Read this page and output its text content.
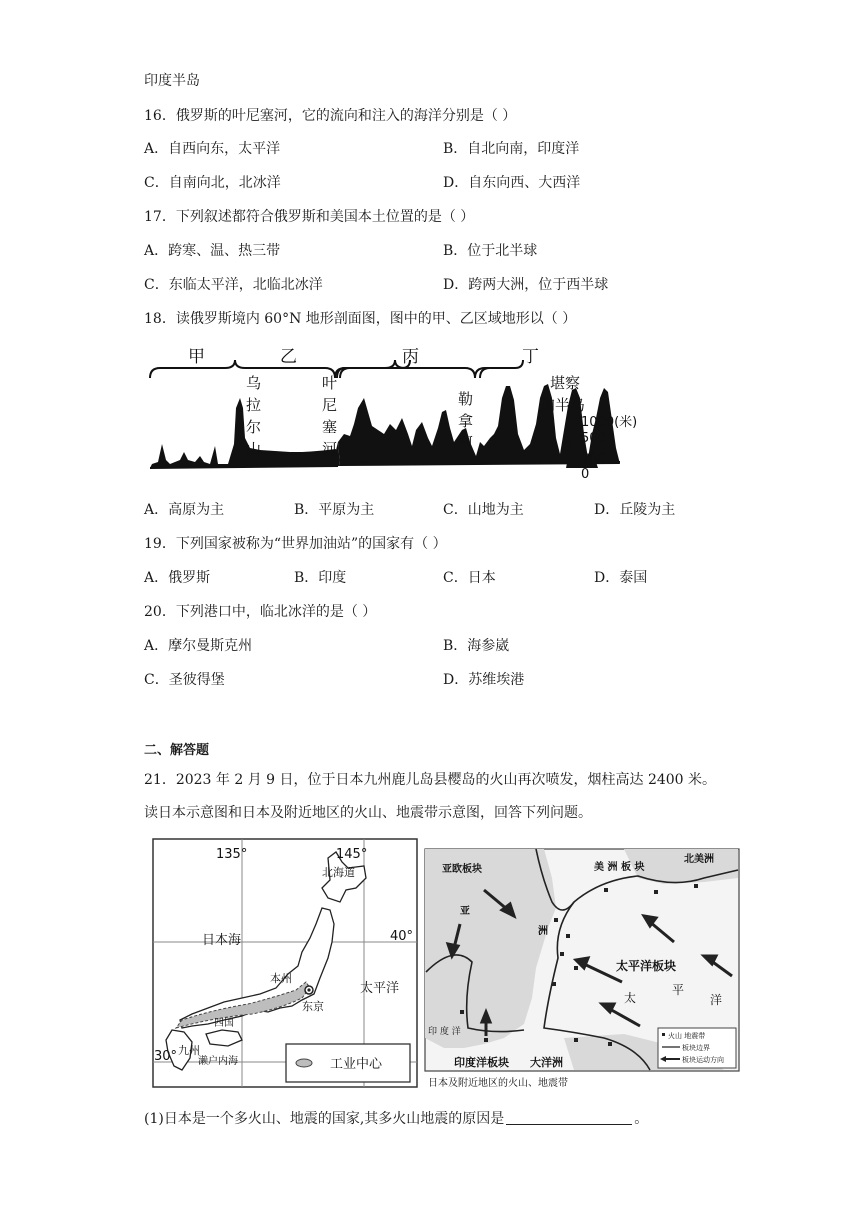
印度半岛
16．俄罗斯的叶尼塞河，它的流向和注入的海洋分别是（ ）
A．自西向东，太平洋	B．自北向南，印度洋
C．自南向北，北冰洋	D．自东向西、大西洋
17．下列叙述都符合俄罗斯和美国本土位置的是（ ）
A．跨寒、温、热三带	B．位于北半球
C．东临太平洋，北临北冰洋	D．跨两大洲，位于西半球
18．读俄罗斯境内 60°N 地形剖面图，图中的甲、乙区域地形以（ ）
甲	乙	丙	丁
乌
拉
尔
山
叶
尼
塞
河
勒
拿
河
堪察
加半岛
1000(米)
500
200
0
A．高原为主	B．平原为主	C．山地为主	D．丘陵为主
19．下列国家被称为“世界加油站”的国家有（ ）
A．俄罗斯	B．印度	C．日本	D．泰国
20．下列港口中，临北冰洋的是（ ）
A．摩尔曼斯克州	B．海参崴
C．圣彼得堡	D．苏维埃港
二、解答题
21．2023 年 2 月 9 日，位于日本九州鹿儿岛县樱岛的火山再次喷发，烟柱高达 2400 米。
读日本示意图和日本及附近地区的火山、地震带示意图，回答下列问题。
135°	145°
40°
30°
北海道
日本海
太平洋
本州
东京
四国
九州
濑户内海	工业中心
亚欧板块
北美洲
美 洲 板 块
亚
洲
太平洋板块
太
平
洋
印 度 洋
印度洋板块 大洋洲
火山 地震带
板块边界
板块运动方向
日本及附近地区的火山、地震带
(1)日本是一个多火山、地震的国家,其多火山地震的原因是	。
